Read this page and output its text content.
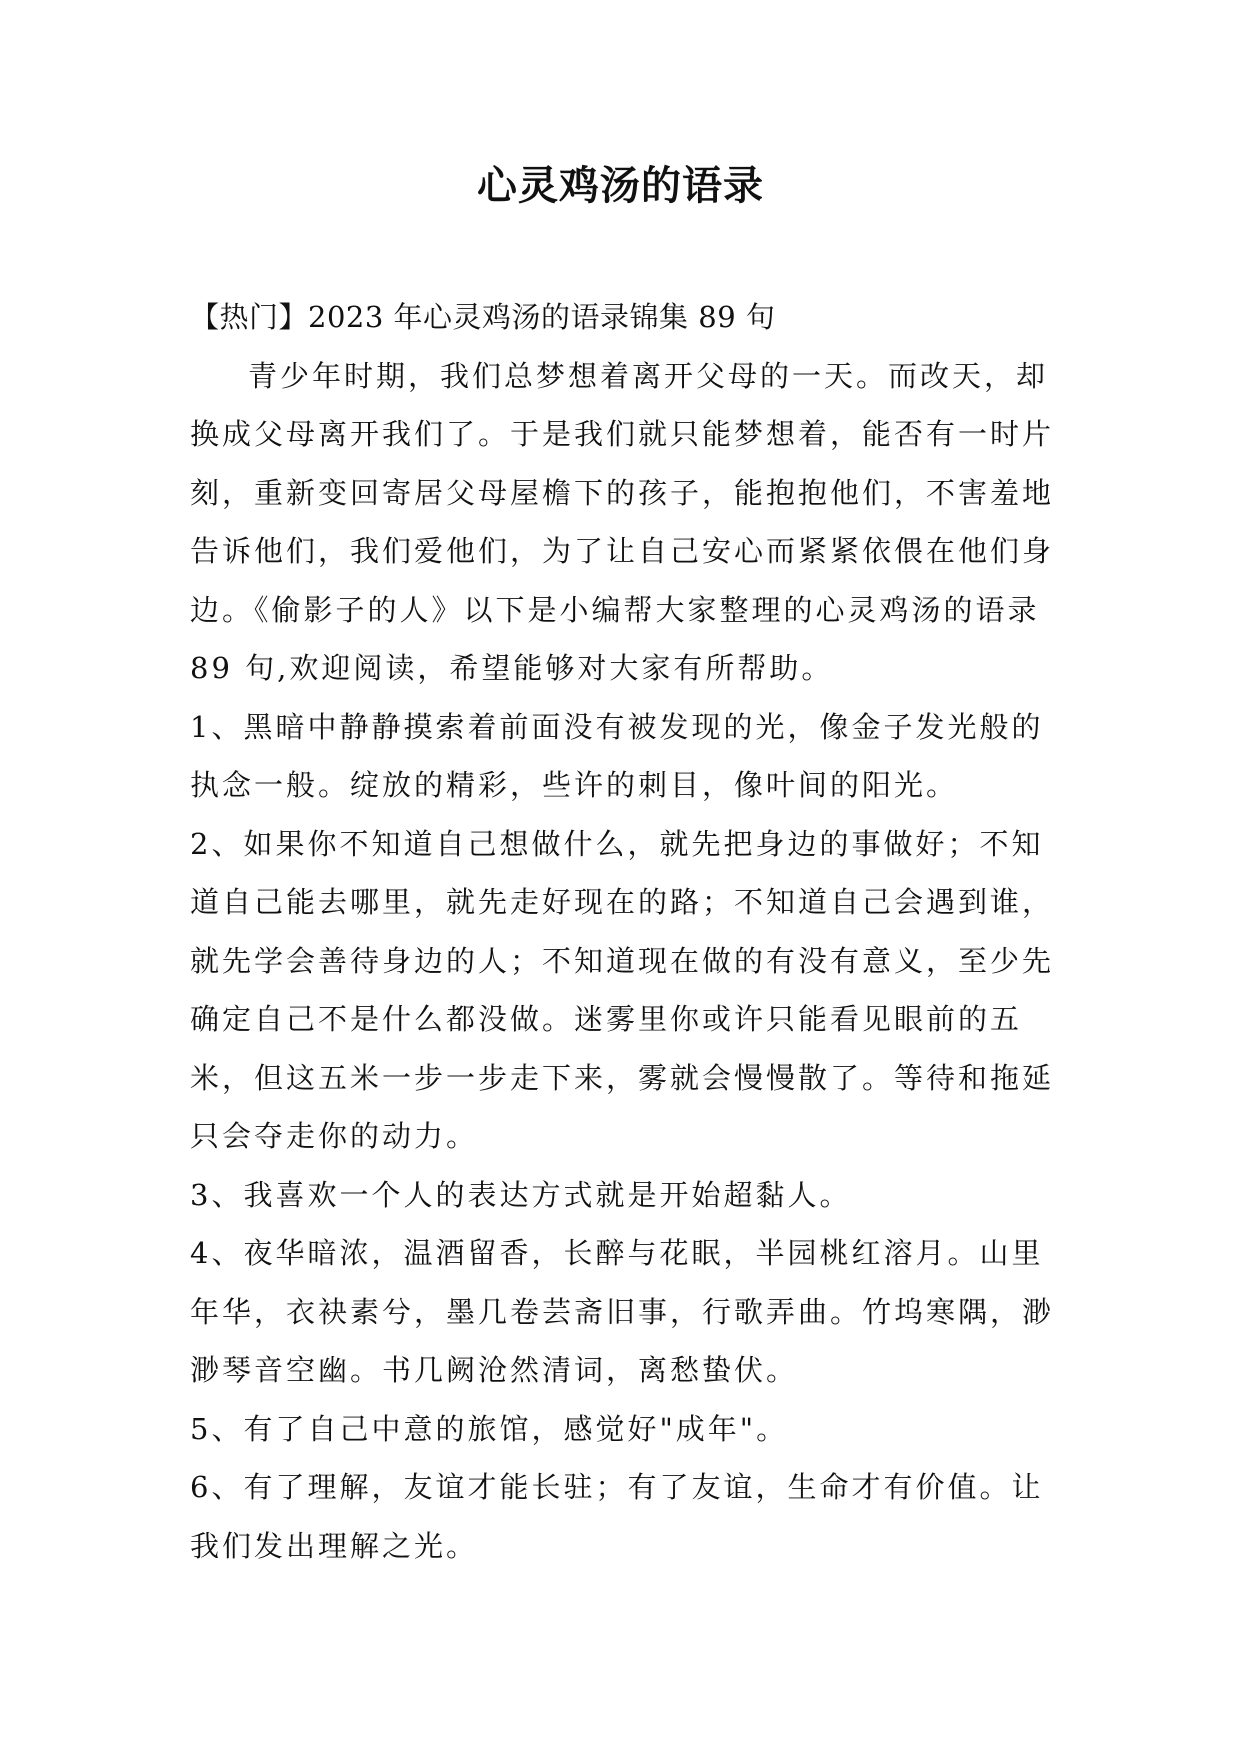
心灵鸡汤的语录

【热门】2023 年心灵鸡汤的语录锦集 89 句

青少年时期，我们总梦想着离开父母的一天。而改天，却换成父母离开我们了。于是我们就只能梦想着，能否有一时片刻，重新变回寄居父母屋檐下的孩子，能抱抱他们，不害羞地告诉他们，我们爱他们，为了让自己安心而紧紧依偎在他们身边。《偷影子的人》以下是小编帮大家整理的心灵鸡汤的语录 89 句,欢迎阅读，希望能够对大家有所帮助。

1、黑暗中静静摸索着前面没有被发现的光，像金子发光般的执念一般。绽放的精彩，些许的刺目，像叶间的阳光。

2、如果你不知道自己想做什么，就先把身边的事做好；不知道自己能去哪里，就先走好现在的路；不知道自己会遇到谁，就先学会善待身边的人；不知道现在做的有没有意义，至少先确定自己不是什么都没做。迷雾里你或许只能看见眼前的五米，但这五米一步一步走下来，雾就会慢慢散了。等待和拖延只会夺走你的动力。

3、我喜欢一个人的表达方式就是开始超黏人。

4、夜华暗浓，温酒留香，长醉与花眠，半园桃红溶月。山里年华，衣袂素兮，墨几卷芸斋旧事，行歌弄曲。竹坞寒隅，渺渺琴音空幽。书几阙沧然清词，离愁蛰伏。

5、有了自己中意的旅馆，感觉好"成年"。

6、有了理解，友谊才能长驻；有了友谊，生命才有价值。让我们发出理解之光。
